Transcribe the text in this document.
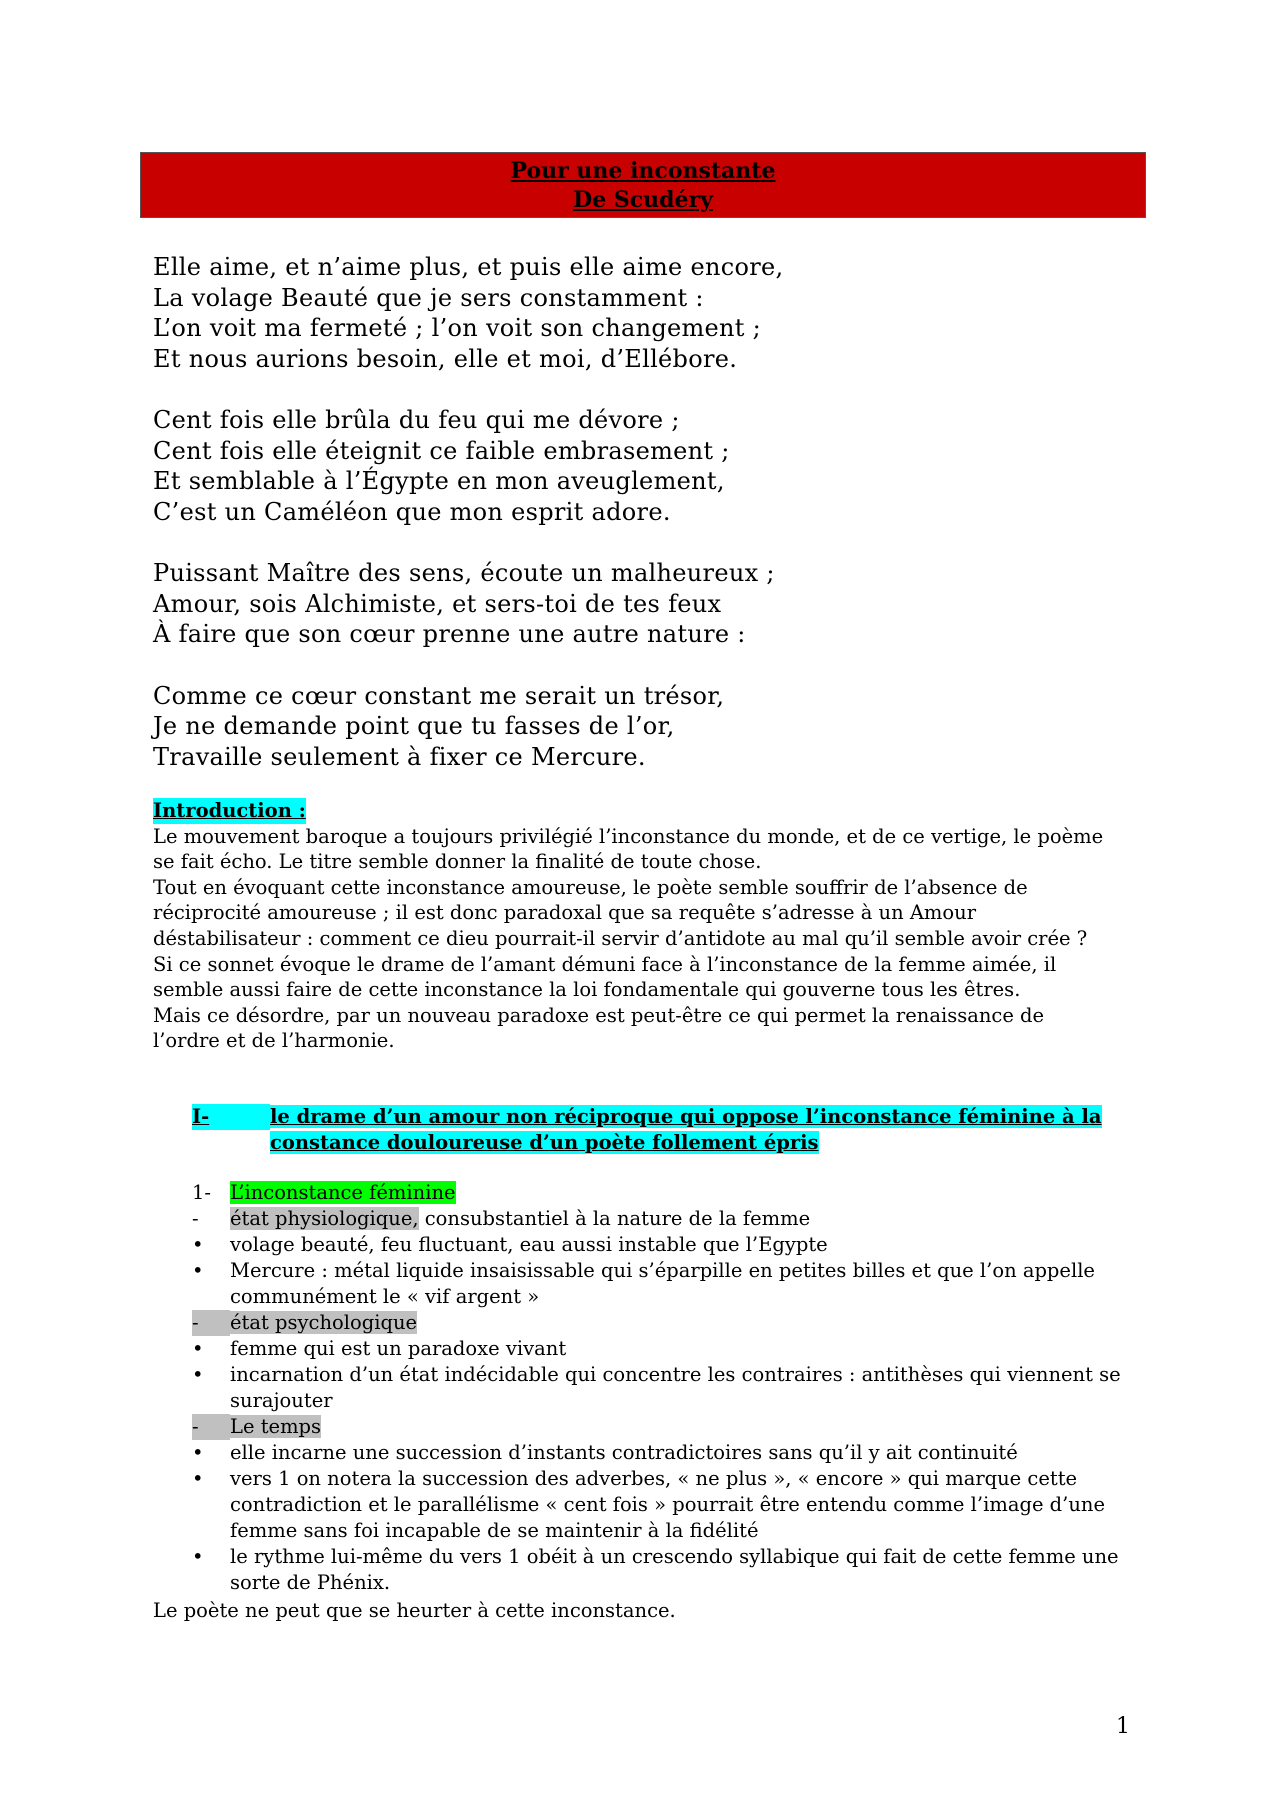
Pour une inconstante
De Scudéry
Elle aime, et n’aime plus, et puis elle aime encore,
La volage Beauté que je sers constamment :
L’on voit ma fermeté ; l’on voit son changement ;
Et nous aurions besoin, elle et moi, d’Ellébore.
Cent fois elle brûla du feu qui me dévore ;
Cent fois elle éteignit ce faible embrasement ;
Et semblable à l’Égypte en mon aveuglement,
C’est un Caméléon que mon esprit adore.
Puissant Maître des sens, écoute un malheureux ;
Amour, sois Alchimiste, et sers-toi de tes feux
À faire que son cœur prenne une autre nature :
Comme ce cœur constant me serait un trésor,
Je ne demande point que tu fasses de l’or,
Travaille seulement à fixer ce Mercure.
Introduction :

Le mouvement baroque a toujours privilégié l’inconstance du monde, et de ce vertige, le poème se fait écho. Le titre semble donner la finalité de toute chose.

Tout en évoquant cette inconstance amoureuse, le poète semble souffrir de l’absence de réciprocité amoureuse ; il est donc paradoxal que sa requête s’adresse à un Amour déstabilisateur : comment ce dieu pourrait-il servir d’antidote au mal qu’il semble avoir crée ?

Si ce sonnet évoque le drame de l’amant démuni face à l’inconstance de la femme aimée, il semble aussi faire de cette inconstance la loi fondamentale qui gouverne tous les êtres.

Mais ce désordre, par un nouveau paradoxe est peut-être ce qui permet la renaissance de l’ordre et de l’harmonie.

I-	le drame d’un amour non réciproque qui oppose l’inconstance féminine à la
constance douloureuse d’un poète follement épris
1- L’inconstance féminine
-	état physiologique, consubstantiel à la nature de la femme
•	volage beauté, feu fluctuant, eau aussi instable que l’Egypte
•	Mercure : métal liquide insaisissable qui s’éparpille en petites billes et que l’on appelle communément le « vif argent »
-	état psychologique
•	femme qui est un paradoxe vivant
•	incarnation d’un état indécidable qui concentre les contraires : antithèses qui viennent se surajouter
-	Le temps
•	elle incarne une succession d’instants contradictoires sans qu’il y ait continuité
•	vers 1 on notera la succession des adverbes, « ne plus », « encore » qui marque cette contradiction et le parallélisme « cent fois » pourrait être entendu comme l’image d’une femme sans foi incapable de se maintenir à la fidélité
•	le rythme lui-même du vers 1 obéit à un crescendo syllabique qui fait de cette femme une sorte de Phénix.
Le poète ne peut que se heurter à cette inconstance.
1
